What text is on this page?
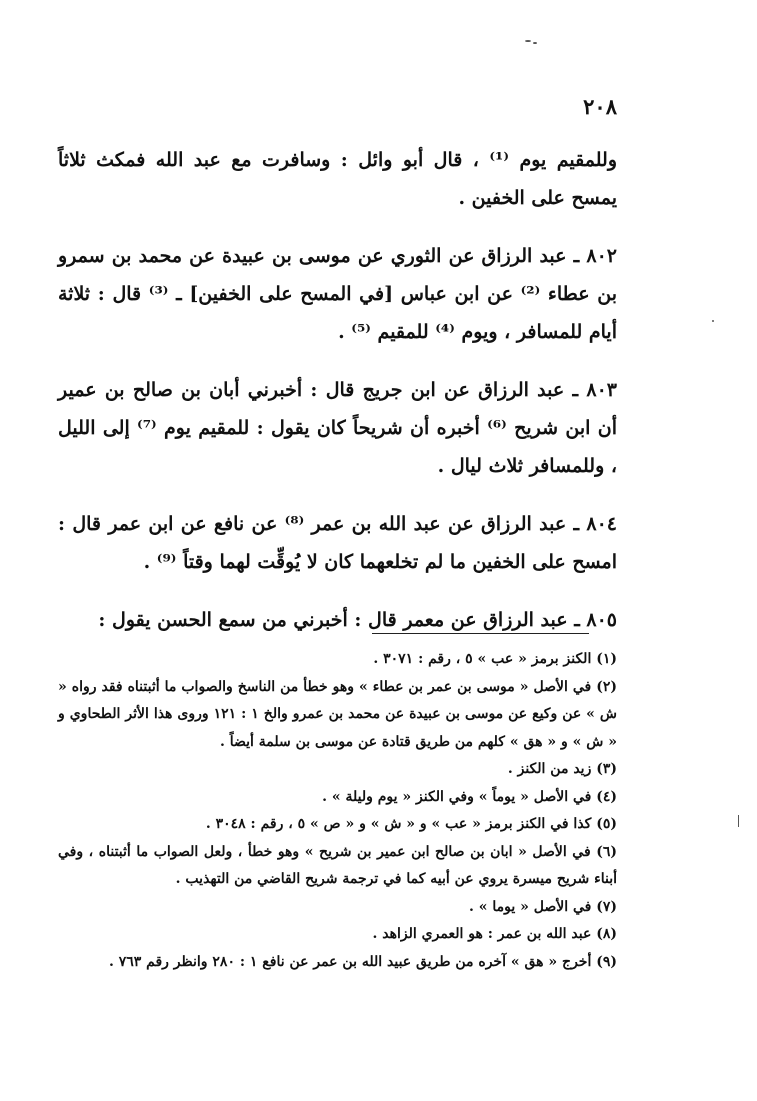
٢٠٨

وللمقيم يوم ⁽¹⁾ ، قال أبو وائل : وسافرت مع عبد الله فمكث ثلاثاً يمسح على الخفين .

٨٠٢ ـ عبد الرزاق عن الثوري عن موسى بن عبيدة عن محمد بن سمرو بن عطاء ⁽²⁾ عن ابن عباس [في المسح على الخفين] ـ ⁽³⁾ قال : ثلاثة أيام للمسافر ، ويوم ⁽⁴⁾ للمقيم ⁽⁵⁾ .

٨٠٣ ـ عبد الرزاق عن ابن جريج قال : أخبرني أبان بن صالح بن عمير أن ابن شريح ⁽⁶⁾ أخبره أن شريحاً كان يقول : للمقيم يوم ⁽⁷⁾ إلى الليل ، وللمسافر ثلاث ليال .

٨٠٤ ـ عبد الرزاق عن عبد الله بن عمر ⁽⁸⁾ عن نافع عن ابن عمر قال : امسح على الخفين ما لم تخلعهما كان لا يُوقِّت لهما وقتاً ⁽⁹⁾ .

٨٠٥ ـ عبد الرزاق عن معمر قال : أخبرني من سمع الحسن يقول :

(١) الكنز برمز « عب » ٥ ، رقم : ٣٠٧١ .

(٢) في الأصل « موسى بن عمر بن عطاء » وهو خطأ من الناسخ والصواب ما أثبتناه فقد رواه « ش » عن وكيع عن موسى بن عبيدة عن محمد بن عمرو والخ ١ : ١٢١ وروى هذا الأثر الطحاوي و « ش » و « هق » كلهم من طريق قتادة عن موسى بن سلمة أيضاً .

(٣) زيد من الكنز .

(٤) في الأصل « يوماً » وفي الكنز « يوم وليلة » .

(٥) كذا في الكنز برمز « عب » و « ش » و « ص » ٥ ، رقم : ٣٠٤٨ .

(٦) في الأصل « ابان بن صالح ابن عمير بن شريح » وهو خطأ ، ولعل الصواب ما أثبتناه ، وفي أبناء شريح ميسرة يروي عن أبيه كما في ترجمة شريح القاضي من التهذيب .

(٧) في الأصل « يوما » .

(٨) عبد الله بن عمر : هو العمري الزاهد .

(٩) أخرج « هق » آخره من طريق عبيد الله بن عمر عن نافع ١ : ٢٨٠ وانظر رقم ٧٦٣ .
